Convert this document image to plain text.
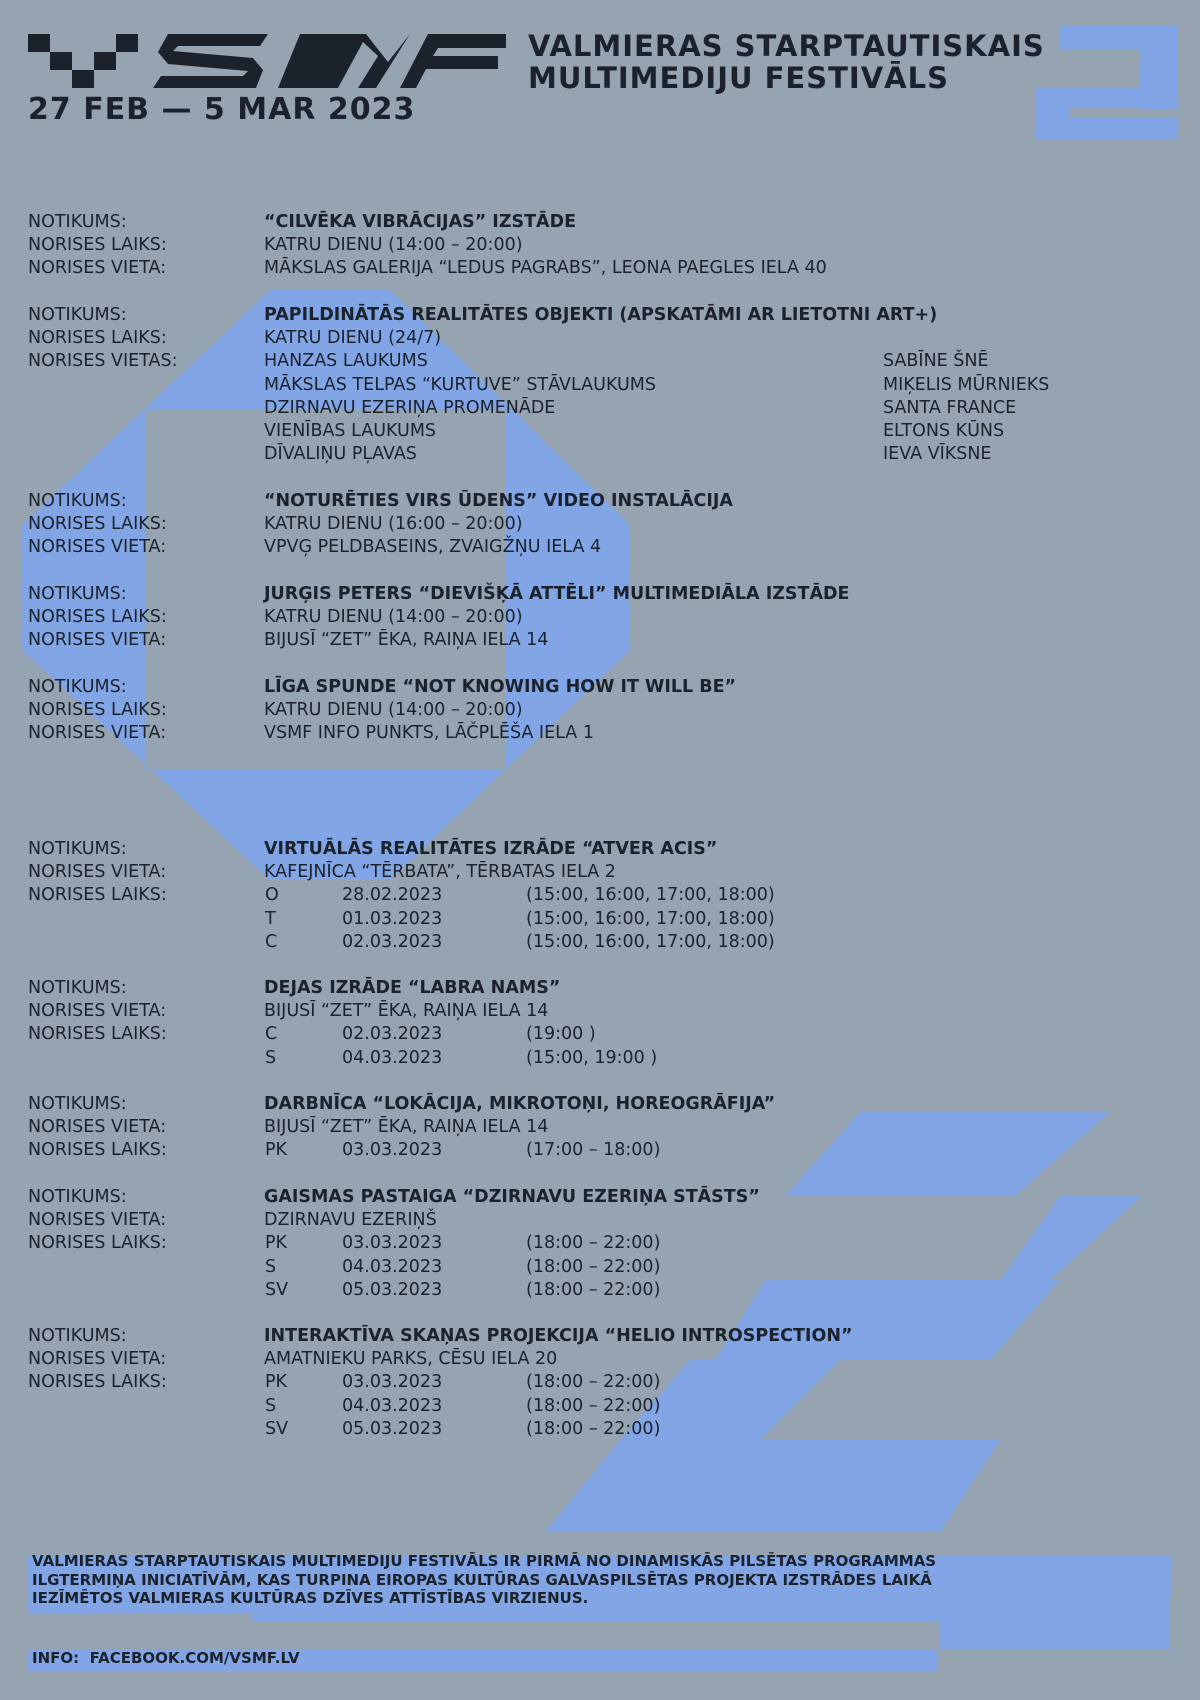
VSMF
27 FEB — 5 MAR 2023
VALMIERAS STARPTAUTISKAIS
MULTIMEDIJU FESTIVĀLS
NOTIKUMS:	“CILVĒKA VIBRĀCIJAS” IZSTĀDE
NORISES LAIKS:	KATRU DIENU (14:00 – 20:00)
NORISES VIETA:	MĀKSLAS GALERIJA “LEDUS PAGRABS”, LEONA PAEGLES IELA 40
NOTIKUMS:	PAPILDINĀTĀS REALITĀTES OBJEKTI (APSKATĀMI AR LIETOTNI ART+)
NORISES LAIKS:	KATRU DIENU (24/7)
NORISES VIETAS:	HANZAS LAUKUMS	SABĪNE ŠNĒ
MĀKSLAS TELPAS “KURTUVE” STĀVLAUKUMS	MIĶELIS MŪRNIEKS
DZIRNAVU EZERIŅA PROMENĀDE	SANTA FRANCE
VIENĪBAS LAUKUMS	ELTONS KŪNS
DĪVALIŅU PĻAVAS	IEVA VĪKSNE
NOTIKUMS:	“NOTURĒTIES VIRS ŪDENS” VIDEO INSTALĀCIJA
NORISES LAIKS:	KATRU DIENU (16:00 – 20:00)
NORISES VIETA:	VPVĢ PELDBASEINS, ZVAIGŽŅU IELA 4
NOTIKUMS:	JURĢIS PETERS “DIEVIŠĶĀ ATTĒLI” MULTIMEDIĀLA IZSTĀDE
NORISES LAIKS:	KATRU DIENU (14:00 – 20:00)
NORISES VIETA:	BIJUSĪ “ZET” ĒKA, RAIŅA IELA 14
NOTIKUMS:	LĪGA SPUNDE “NOT KNOWING HOW IT WILL BE”
NORISES LAIKS:	KATRU DIENU (14:00 – 20:00)
NORISES VIETA:	VSMF INFO PUNKTS, LĀČPLĒŠA IELA 1
NOTIKUMS:	VIRTUĀLĀS REALITĀTES IZRĀDE “ATVER ACIS”
NORISES VIETA:	KAFEJNĪCA “TĒRBATA”, TĒRBATAS IELA 2
NORISES LAIKS:	O	28.02.2023	(15:00, 16:00, 17:00, 18:00)
T	01.03.2023	(15:00, 16:00, 17:00, 18:00)
C	02.03.2023	(15:00, 16:00, 17:00, 18:00)
NOTIKUMS:	DEJAS IZRĀDE “LABRA NAMS”
NORISES VIETA:	BIJUSĪ “ZET” ĒKA, RAIŅA IELA 14
NORISES LAIKS:	C	02.03.2023	(19:00 )
S	04.03.2023	(15:00, 19:00 )
NOTIKUMS:	DARBNĪCA “LOKĀCIJA, MIKROTOŅI, HOREOGRĀFIJA”
NORISES VIETA:	BIJUSĪ “ZET” ĒKA, RAIŅA IELA 14
NORISES LAIKS:	PK	03.03.2023	(17:00 – 18:00)
NOTIKUMS:	GAISMAS PASTAIGA “DZIRNAVU EZERIŅA STĀSTS”
NORISES VIETA:	DZIRNAVU EZERIŅŠ
NORISES LAIKS:	PK	03.03.2023	(18:00 – 22:00)
S	04.03.2023	(18:00 – 22:00)
SV	05.03.2023	(18:00 – 22:00)
NOTIKUMS:	INTERAKTĪVA SKAŅAS PROJEKCIJA “HELIO INTROSPECTION”
NORISES VIETA:	AMATNIEKU PARKS, CĒSU IELA 20
NORISES LAIKS:	PK	03.03.2023	(18:00 – 22:00)
S	04.03.2023	(18:00 – 22:00)
SV	05.03.2023	(18:00 – 22:00)
VALMIERAS STARPTAUTISKAIS MULTIMEDIJU FESTIVĀLS IR PIRMĀ NO DINAMISKĀS PILSĒTAS PROGRAMMAS
ILGTERMIŅA INICIATĪVĀM, KAS TURPINA EIROPAS KULTŪRAS GALVASPILSĒTAS PROJEKTA IZSTRĀDES LAIKĀ
IEZĪMĒTOS VALMIERAS KULTŪRAS DZĪVES ATTĪSTĪBAS VIRZIENUS.
INFO: FACEBOOK.COM/VSMF.LV
